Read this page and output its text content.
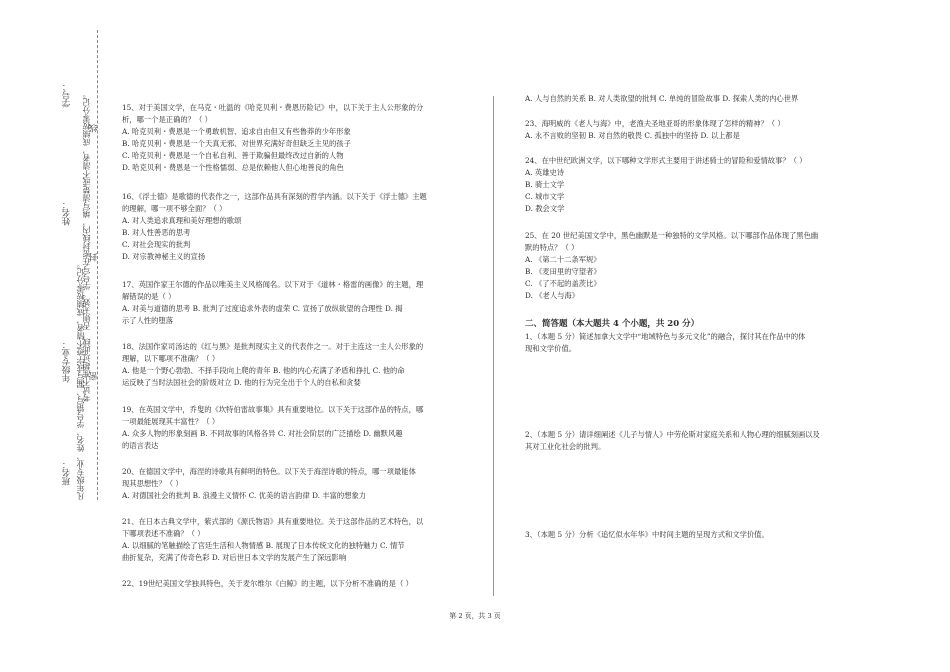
学号： 考试不准超过此线，否则无效。学号写在密封线内，填写清楚或不清者，成绩按零分记。
姓名：
年级专业： 凡年级专业、姓名、学号错写、漏写或字迹不清者，成绩按零分记。 密
封
线
班名：

15、对于美国文学，在马克・吐温的《哈克贝利・费恩历险记》中，以下关于主人公形象的分

析，哪一个是正确的？（ ）

A. 哈克贝利・费恩是一个勇敢机智、追求自由但又有些鲁莽的少年形象

B. 哈克贝利・费恩是一个天真无邪、对世界充满好奇但缺乏主见的孩子

C. 哈克贝利・费恩是一个自私自利、善于欺骗但最终改过自新的人物

D. 哈克贝利・费恩是一个性格懦弱、总是依赖他人但心地善良的角色

16、《浮士德》是歌德的代表作之一，这部作品具有深刻的哲学内涵。以下关于《浮士德》主题

的理解，哪一项不够全面？（ ）

A. 对人类追求真理和美好理想的歌颂

B. 对人性善恶的思考

C. 对社会现实的批判

D. 对宗教神秘主义的宣扬

17、英国作家王尔德的作品以唯美主义风格闻名。以下对于《道林・格雷的画像》的主题，理

解错误的是（ ）

A. 对美与道德的思考 B. 批判了过度追求外表的虚荣 C. 宣扬了放纵欲望的合理性 D. 揭

示了人性的堕落

18、法国作家司汤达的《红与黑》是批判现实主义的代表作之一。对于主连这一主人公形象的

理解，以下哪项不准确？（ ）

A. 他是一个野心勃勃、不择手段向上爬的青年 B. 他的内心充满了矛盾和挣扎 C. 他的命

运反映了当时法国社会的阶级对立 D. 他的行为完全出于个人的自私和贪婪

19、在英国文学中，乔叟的《坎特伯雷故事集》具有重要地位。以下关于这部作品的特点，哪

一项最能展现其丰富性？（ ）

A. 众多人物的形象刻画 B. 不同故事的风格各异 C. 对社会阶层的广泛描绘 D. 幽默风趣

的语言表达

20、在德国文学中，海涅的诗歌具有鲜明的特色。以下关于海涅诗歌的特点，哪一项最能体

现其思想性？（ ）

A. 对德国社会的批判 B. 浪漫主义情怀 C. 优美的语言韵律 D. 丰富的想象力

21、在日本古典文学中，紫式部的《源氏物语》具有重要地位。关于这部作品的艺术特色，以

下哪项表述不准确？（ ）

A. 以细腻的笔触描绘了宫廷生活和人物情感 B. 展现了日本传统文化的独特魅力 C. 情节

曲折复杂，充满了传奇色彩 D. 对后世日本文学的发展产生了深远影响

22、19世纪美国文学独具特色，关于麦尔维尔《白鲸》的主题，以下分析不准确的是（ ）

A. 人与自然的关系 B. 对人类欲望的批判 C. 单纯的冒险故事 D. 探索人类的内心世界

23、海明威的《老人与海》中，老渔夫圣地亚哥的形象体现了怎样的精神？（ ）

A. 永不言败的坚韧 B. 对自然的敬畏 C. 孤独中的坚持 D. 以上都是

24、在中世纪欧洲文学，以下哪种文学形式主要用于讲述骑士的冒险和爱情故事？（ ）

A. 英雄史诗

B. 骑士文学

C. 城市文学

D. 教会文学

25、在 20 世纪美国文学中，黑色幽默是一种独特的文学风格。以下哪部作品体现了黑色幽

默的特点？（ ）

A. 《第二十二条军规》

B. 《麦田里的守望者》

C. 《了不起的盖茨比》

D. 《老人与海》

二、简答题（本大题共 4 个小题，共 20 分）

1、（本题 5 分）简述加拿大文学中“地域特色与多元文化”的融合，探讨其在作品中的体

现和文学价值。

2、（本题 5 分）请详细阐述《儿子与情人》中劳伦斯对家庭关系和人物心理的细腻刻画以及

其对工业化社会的批判。

3、（本题 5 分）分析《追忆似水年华》中时间主题的呈现方式和文学价值。

第 2 页，共 3 页
